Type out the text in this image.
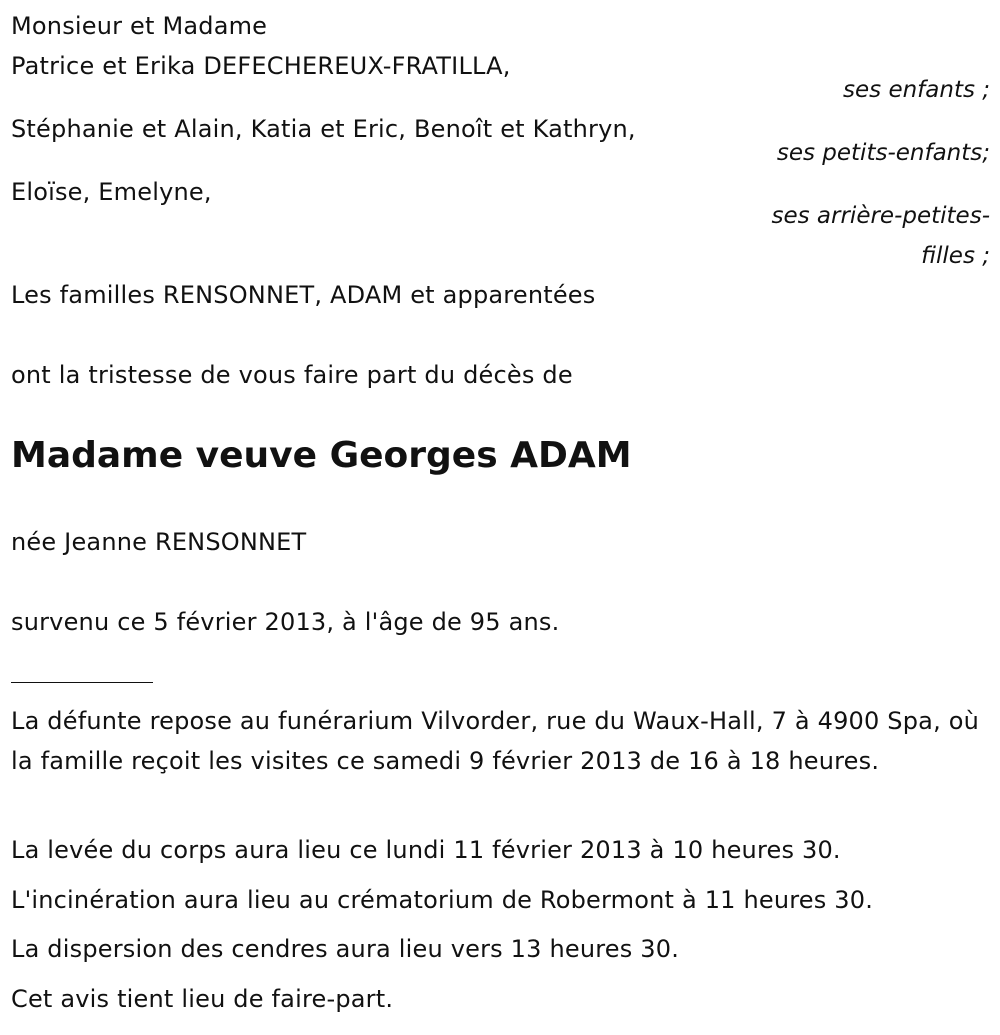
Monsieur et Madame
Patrice et Erika DEFECHEREUX-FRATILLA,
ses enfants ;
Stéphanie et Alain, Katia et Eric, Benoît et Kathryn,
ses petits-enfants;
Eloïse, Emelyne,
ses arrière-petites-
filles ;
Les familles RENSONNET, ADAM et apparentées
ont la tristesse de vous faire part du décès de
Madame veuve Georges ADAM
née Jeanne RENSONNET
survenu ce 5 février 2013, à l'âge de 95 ans.
La défunte repose au funérarium Vilvorder, rue du Waux-Hall, 7 à 4900 Spa, où la famille reçoit les visites ce samedi 9 février 2013 de 16 à 18 heures.
La levée du corps aura lieu ce lundi 11 février 2013 à 10 heures 30.
L'incinération aura lieu au crématorium de Robermont à 11 heures 30.
La dispersion des cendres aura lieu vers 13 heures 30.
Cet avis tient lieu de faire-part.
